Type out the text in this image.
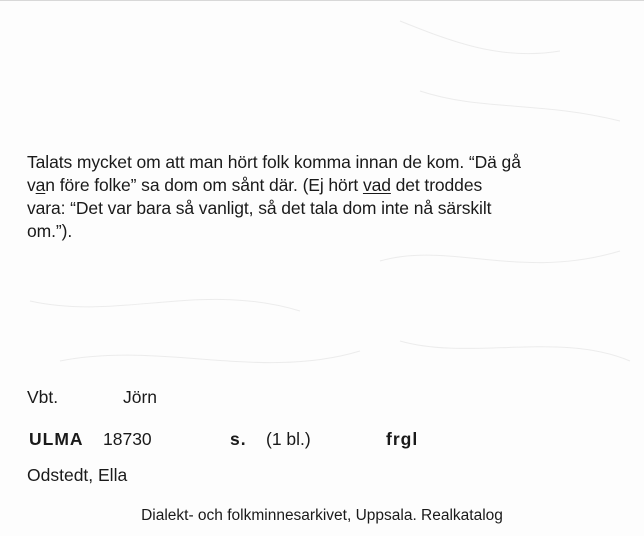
Talats mycket om att man hört folk komma innan de kom. “Dä gå
van före folke” sa dom om sånt där. (Ej hört vad det troddes
vara: “Det var bara så vanligt, så det tala dom inte nå särskilt
om.”).
Vbt.	Jörn
ULMA 18730	s. (1 bl.)	frgl
Odstedt, Ella
Dialekt- och folkminnesarkivet, Uppsala. Realkatalog
